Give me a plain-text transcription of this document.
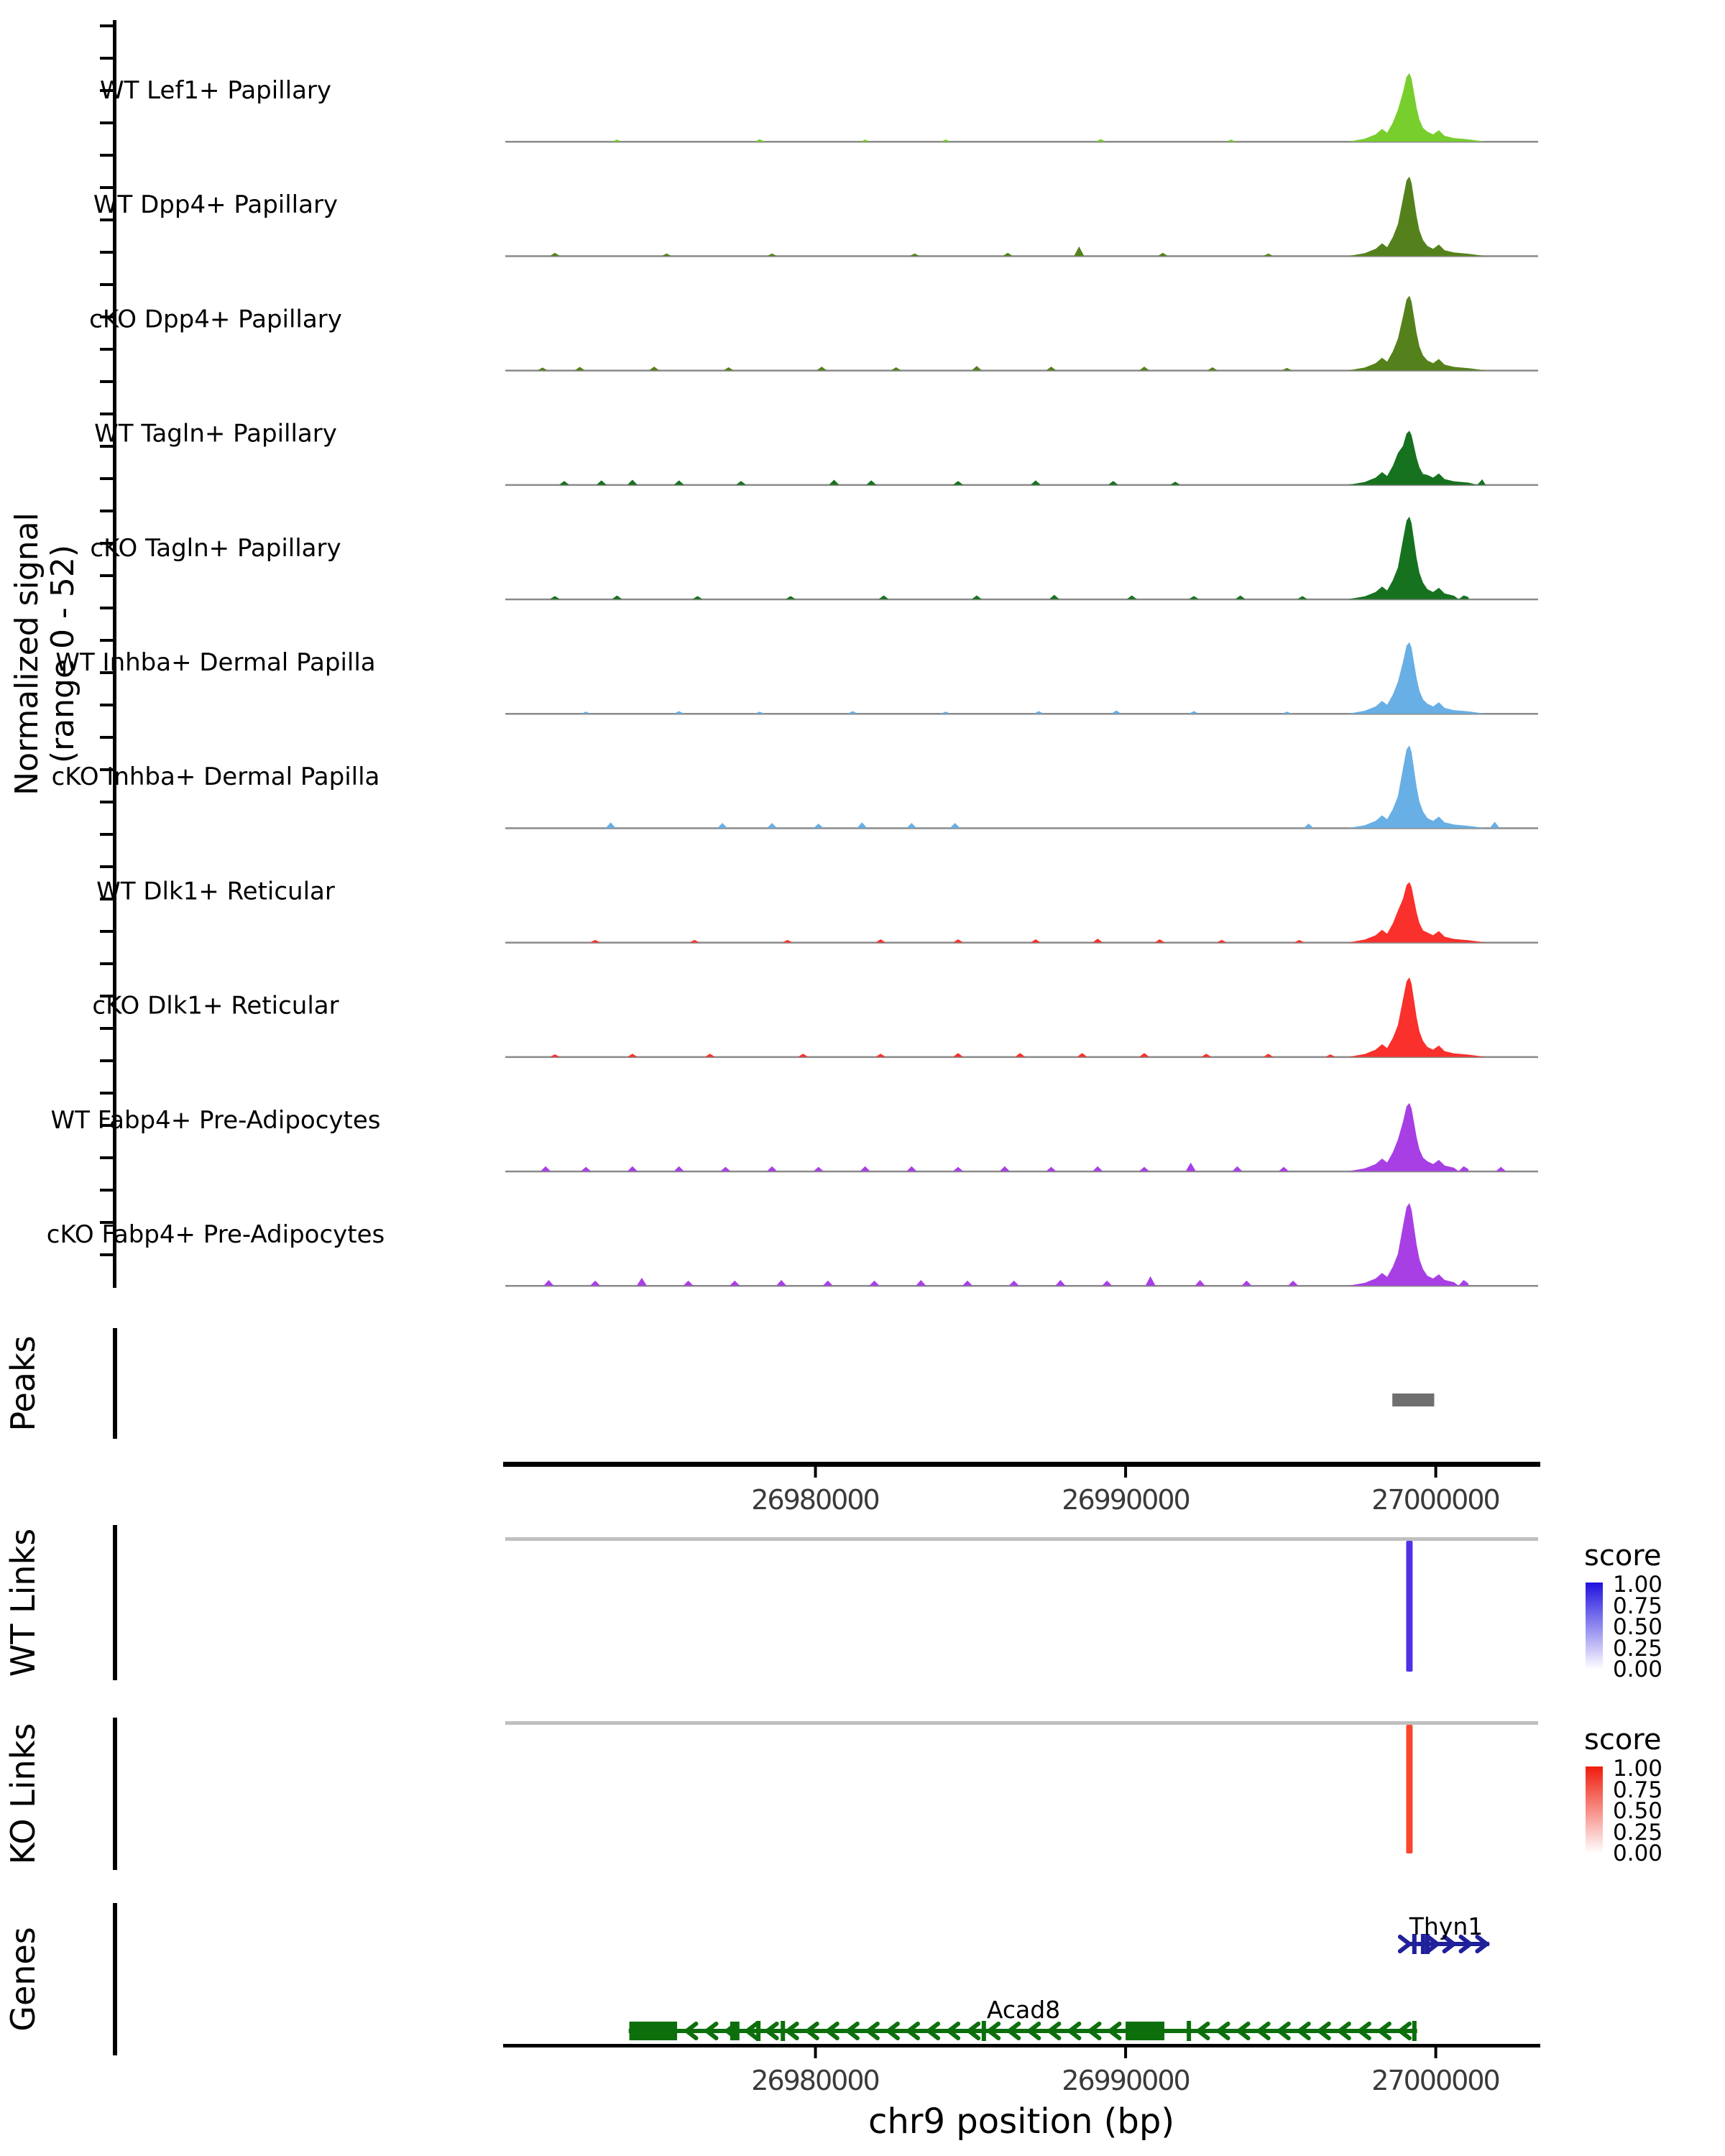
Normalized signal (range 0 - 52)
WT Lef1+ Papillary
WT Dpp4+ Papillary
cKO Dpp4+ Papillary
WT Tagln+ Papillary
cKO Tagln+ Papillary
WT Inhba+ Dermal Papilla
cKO Inhba+ Dermal Papilla
WT Dlk1+ Reticular
cKO Dlk1+ Reticular
WT Fabp4+ Pre-Adipocytes
cKO Fabp4+ Pre-Adipocytes
Peaks
26980000	26990000	27000000
WT Links	score
1.00
0.75
0.50
0.25
0.00
KO Links	score
1.00
0.75
0.50
0.25
0.00
Genes
Thyn1
Acad8
26980000	26990000	27000000
chr9 position (bp)
